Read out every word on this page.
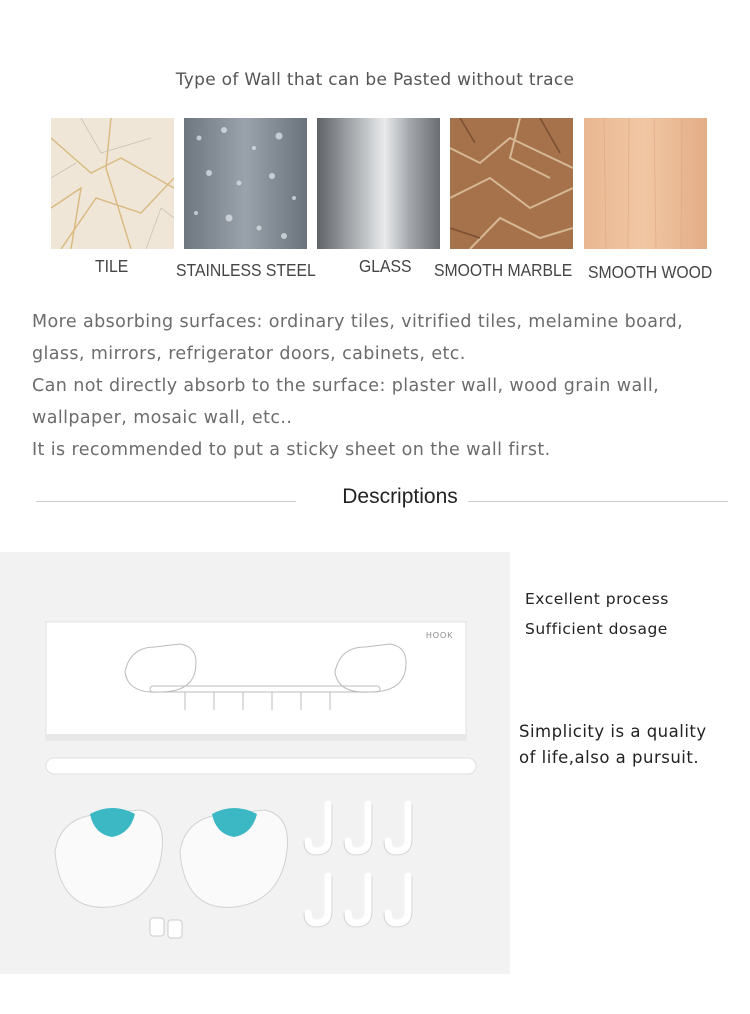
Type of Wall that can be Pasted without trace
TILE	STAINLESS STEEL GLASS SMOOTH MARBLE SMOOTH WOOD
More absorbing surfaces: ordinary tiles, vitrified tiles, melamine board,
glass, mirrors, refrigerator doors, cabinets, etc.
Can not directly absorb to the surface: plaster wall, wood grain wall,
wallpaper, mosaic wall, etc..
It is recommended to put a sticky sheet on the wall first.
Descriptions
HOOK
Excellent process
Sufficient dosage
Simplicity is a quality
of life,also a pursuit.
